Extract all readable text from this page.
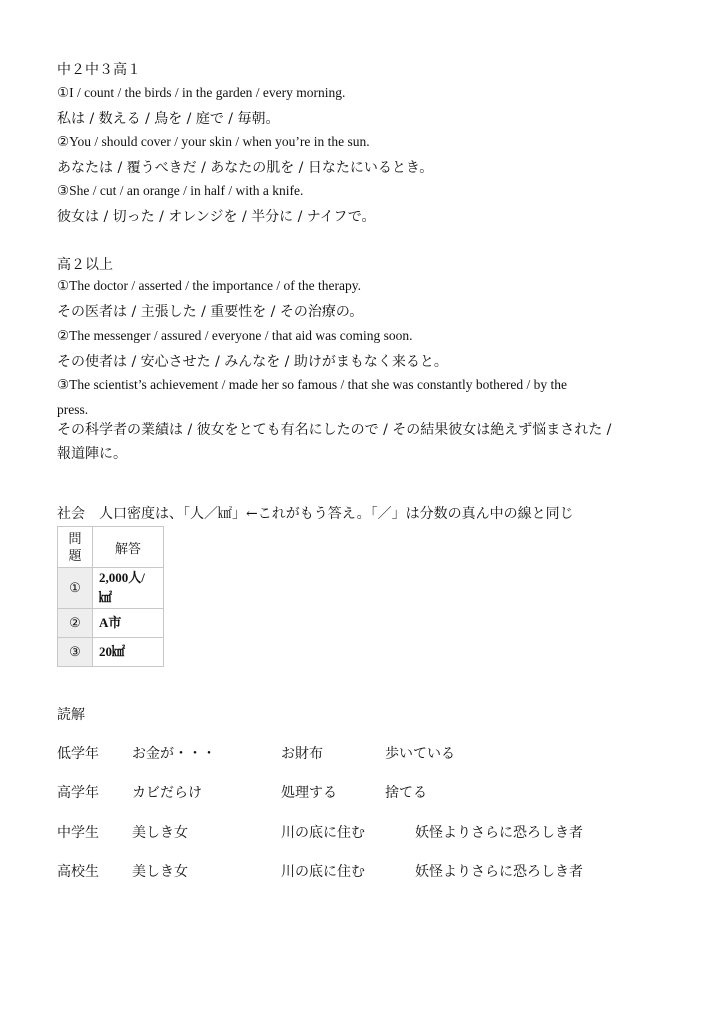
中２中３高１
①I / count / the birds / in the garden / every morning.
私は / 数える / 鳥を / 庭で / 毎朝。
②You / should cover / your skin / when you’re in the sun.
あなたは / 覆うべきだ / あなたの肌を / 日なたにいるとき。
③She / cut / an orange / in half / with a knife.
彼女は / 切った / オレンジを / 半分に / ナイフで。
高２以上
①The doctor / asserted / the importance / of the therapy.
その医者は / 主張した / 重要性を / その治療の。
②The messenger / assured / everyone / that aid was coming soon.
その使者は / 安心させた / みんなを / 助けがまもなく来ると。
③The scientist’s achievement / made her so famous / that she was constantly bothered / by the
press.
その科学者の業績は / 彼女をとても有名にしたので / その結果彼女は絶えず悩まされた /
報道陣に。
社会　人口密度は、「人／㎢」←これがもう答え。「／」は分数の真ん中の線と同じ
問
題	解答
①	2,000人/
㎢
②	A市
③	20㎢
読解
低学年 お金が・・・	お財布	歩いている
高学年 カビだらけ	処理する	捨てる
中学生 美しき女	川の底に住む	妖怪よりさらに恐ろしき者
高校生 美しき女	川の底に住む	妖怪よりさらに恐ろしき者
